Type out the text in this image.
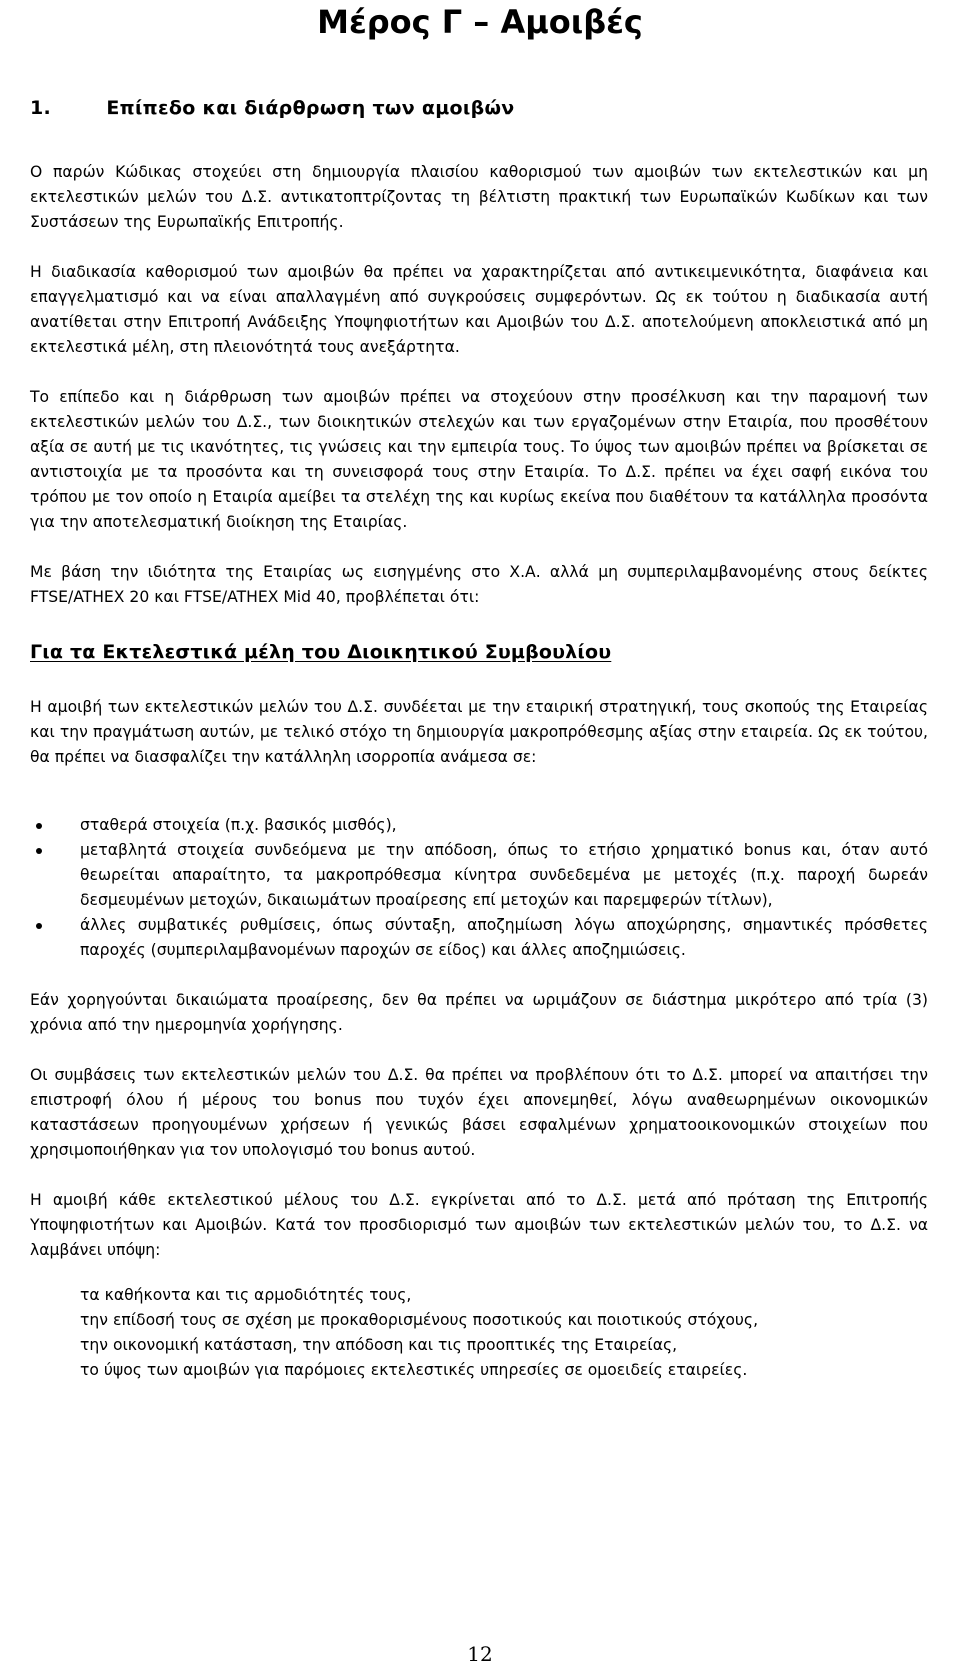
Μέρος Γ – Αμοιβές
1.        Επίπεδο και διάρθρωση των αμοιβών

Ο παρών Κώδικας στοχεύει στη δημιουργία πλαισίου καθορισμού των αμοιβών των εκτελεστικών και μη εκτελεστικών μελών του Δ.Σ. αντικατοπτρίζοντας τη βέλτιστη πρακτική των Ευρωπαϊκών Κωδίκων και των Συστάσεων της Ευρωπαϊκής Επιτροπής.

Η διαδικασία καθορισμού των αμοιβών θα πρέπει να χαρακτηρίζεται από αντικειμενικότητα, διαφάνεια και επαγγελματισμό και να είναι απαλλαγμένη από συγκρούσεις συμφερόντων. Ως εκ τούτου η διαδικασία αυτή ανατίθεται στην Επιτροπή Ανάδειξης Υποψηφιοτήτων και Αμοιβών του Δ.Σ. αποτελούμενη αποκλειστικά από μη εκτελεστικά μέλη, στη πλειονότητά τους ανεξάρτητα.

Το επίπεδο και η διάρθρωση των αμοιβών πρέπει να στοχεύουν στην προσέλκυση και την παραμονή των εκτελεστικών μελών του Δ.Σ., των διοικητικών στελεχών και των εργαζομένων στην Εταιρία, που προσθέτουν αξία σε αυτή με τις ικανότητες, τις γνώσεις και την εμπειρία τους. Το ύψος των αμοιβών πρέπει να βρίσκεται σε αντιστοιχία με τα προσόντα και τη συνεισφορά τους στην Εταιρία. Το Δ.Σ. πρέπει να έχει σαφή εικόνα του τρόπου με τον οποίο η Εταιρία αμείβει τα στελέχη της και κυρίως εκείνα που διαθέτουν τα κατάλληλα προσόντα για την αποτελεσματική διοίκηση της Εταιρίας.

Με βάση την ιδιότητα της Εταιρίας ως εισηγμένης στο Χ.Α. αλλά μη συμπεριλαμβανομένης στους δείκτες FTSE/ATHEX 20 και FTSE/ATHEX Mid 40, προβλέπεται ότι:

Για τα Εκτελεστικά μέλη του Διοικητικού Συμβουλίου

Η αμοιβή των εκτελεστικών μελών του Δ.Σ. συνδέεται με την εταιρική στρατηγική, τους σκοπούς της Εταιρείας και την πραγμάτωση αυτών, με τελικό στόχο τη δημιουργία μακροπρόθεσμης αξίας στην εταιρεία. Ως εκ τούτου, θα πρέπει να διασφαλίζει την κατάλληλη ισορροπία ανάμεσα σε:

σταθερά στοιχεία (π.χ. βασικός μισθός),
μεταβλητά στοιχεία συνδεόμενα με την απόδοση, όπως το ετήσιο χρηματικό bonus και, όταν αυτό θεωρείται απαραίτητο, τα μακροπρόθεσμα κίνητρα συνδεδεμένα με μετοχές (π.χ. παροχή δωρεάν δεσμευμένων μετοχών, δικαιωμάτων προαίρεσης επί μετοχών και παρεμφερών τίτλων),
άλλες συμβατικές ρυθμίσεις, όπως σύνταξη, αποζημίωση λόγω αποχώρησης, σημαντικές πρόσθετες παροχές (συμπεριλαμβανομένων παροχών σε είδος) και άλλες αποζημιώσεις.

Εάν χορηγούνται δικαιώματα προαίρεσης, δεν θα πρέπει να ωριμάζουν σε διάστημα μικρότερο από τρία (3) χρόνια από την ημερομηνία χορήγησης.

Οι συμβάσεις των εκτελεστικών μελών του Δ.Σ. θα πρέπει να προβλέπουν ότι το Δ.Σ. μπορεί να απαιτήσει την επιστροφή όλου ή μέρους του bonus που τυχόν έχει απονεμηθεί, λόγω αναθεωρημένων οικονομικών καταστάσεων προηγουμένων χρήσεων ή γενικώς βάσει εσφαλμένων χρηματοοικονομικών στοιχείων που χρησιμοποιήθηκαν για τον υπολογισμό του bonus αυτού.

Η αμοιβή κάθε εκτελεστικού μέλους του Δ.Σ. εγκρίνεται από το Δ.Σ. μετά από πρόταση της Επιτροπής Υποψηφιοτήτων και Αμοιβών. Κατά τον προσδιορισμό των αμοιβών των εκτελεστικών μελών του, το Δ.Σ. να λαμβάνει υπόψη:

τα καθήκοντα και τις αρμοδιότητές τους,
την επίδοσή τους σε σχέση με προκαθορισμένους ποσοτικούς και ποιοτικούς στόχους,
την οικονομική κατάσταση, την απόδοση και τις προοπτικές της Εταιρείας,
το ύψος των αμοιβών για παρόμοιες εκτελεστικές υπηρεσίες σε ομοειδείς εταιρείες.
12
